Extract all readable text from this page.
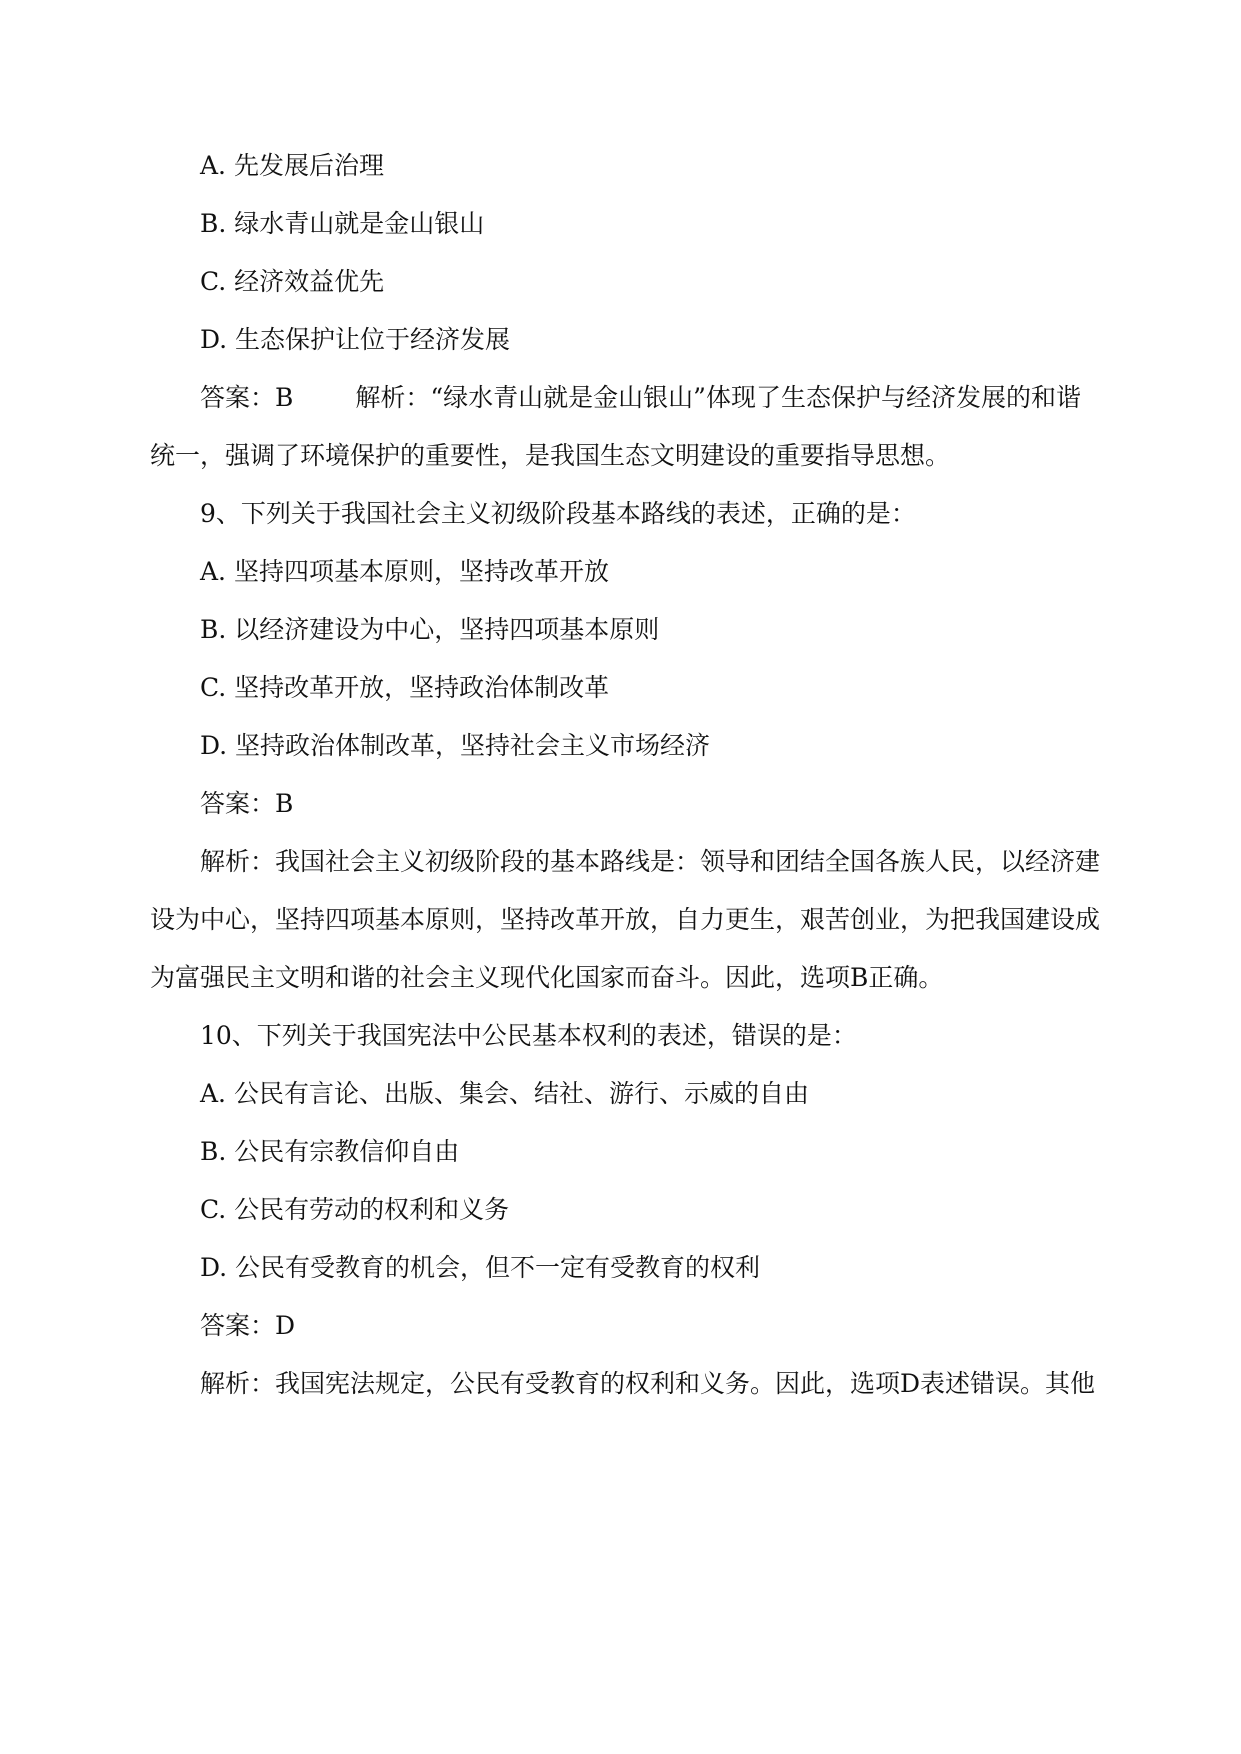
A. 先发展后治理
B. 绿水青山就是金山银山
C. 经济效益优先
D. 生态保护让位于经济发展
答案：B 解析：“绿水青山就是金山银山”体现了生态保护与经济发展的和谐
统一，强调了环境保护的重要性，是我国生态文明建设的重要指导思想。
9、下列关于我国社会主义初级阶段基本路线的表述，正确的是：
A. 坚持四项基本原则，坚持改革开放
B. 以经济建设为中心，坚持四项基本原则
C. 坚持改革开放，坚持政治体制改革
D. 坚持政治体制改革，坚持社会主义市场经济
答案：B
解析：我国社会主义初级阶段的基本路线是：领导和团结全国各族人民，以经济建
设为中心，坚持四项基本原则，坚持改革开放，自力更生，艰苦创业，为把我国建设成
为富强民主文明和谐的社会主义现代化国家而奋斗。因此，选项B正确。
10、下列关于我国宪法中公民基本权利的表述，错误的是：
A. 公民有言论、出版、集会、结社、游行、示威的自由
B. 公民有宗教信仰自由
C. 公民有劳动的权利和义务
D. 公民有受教育的机会，但不一定有受教育的权利
答案：D
解析：我国宪法规定，公民有受教育的权利和义务。因此，选项D表述错误。其他
